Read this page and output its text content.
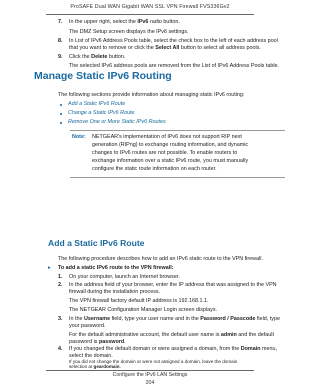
ProSAFE Dual WAN Gigabit WAN SSL VPN Firewall FVS336Gv2
7. In the upper right, select the IPv6 radio button.
The DMZ Setup screen displays the IPv6 settings.
8. In List of IPv6 Address Pools table, select the check box to the left of each address pool
that you want to remove or click the Select All button to select all address pools.
9. Click the Delete button.
The selected IPv6 address pools are removed from the List of IPv6 Address Pools table.
Manage Static IPv6 Routing
The following sections provide information about managing static IPv6 routing:
Add a Static IPv6 Route
Change a Static IPv6 Route
Remove One or More Static IPv6 Routes
Note: NETGEAR's implementation of IPv6 does not support RIP next
generation (RIPng) to exchange routing information, and dynamic
changes to IPv6 routes are not possible. To enable routers to
exchange information over a static IPv6 route, you must manually
configure the static route information on each router.
Add a Static IPv6 Route
The following procedure describes how to add an IPv6 static route to the VPN firewall.
▸ To add a static IPv6 route to the VPN firewall:
1. On your computer, launch an Internet browser.
2. In the address field of your browser, enter the IP address that was assigned to the VPN
firewall during the installation process.
The VPN firewall factory default IP address is 192.168.1.1.
The NETGEAR Configuration Manager Login screen displays.
3. In the Username field, type your user name and in the Password / Passcode field, type
your password.
For the default administrative account, the default user name is admin and the default
password is password.
4. If you changed the default domain or were assigned a domain, from the Domain menu,
select the domain.
If you did not change the domain or were not assigned a domain, leave the domain
selection at geardomain.
Configure the IPv6 LAN Settings
204
